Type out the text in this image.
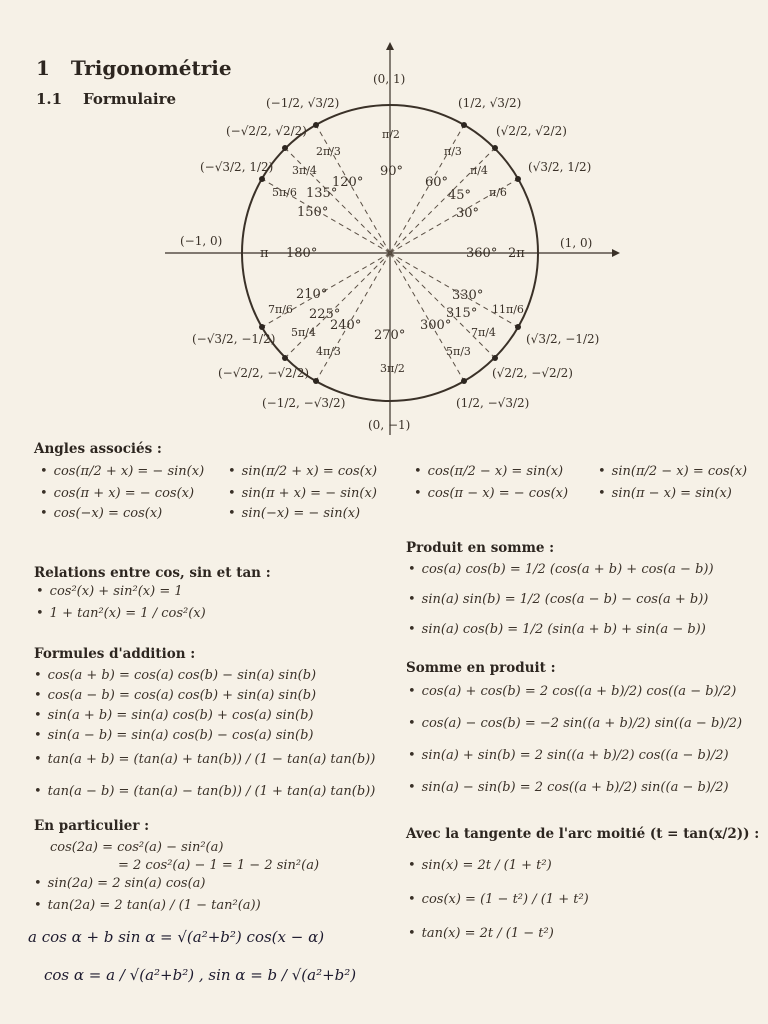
1 Trigonométrie
1.1 Formulaire
(0, 1)
(−1, 0)	(1, 0)
(0, −1)
90°
60°
45°
30°
120°
135°
150°
180°	360°
210°
225°
240°
270°
300°
315°
330°
π/2
π/3
π/4
π/6
2π/3
3π/4
5π/6
π	2π
7π/6
5π/4
4π/3
3π/2
5π/3
7π/4
11π/6
(−1/2, √3/2)	(1/2, √3/2)
(−√2/2, √2/2)	(√2/2, √2/2)
(−√3/2, 1/2)	(√3/2, 1/2)
(−√3/2, −1/2)	(√3/2, −1/2)
(−√2/2, −√2/2)	(√2/2, −√2/2)
(−1/2, −√3/2)	(1/2, −√3/2)
Angles associés :
• cos(π/2 + x) = − sin(x) • sin(π/2 + x) = cos(x)	• cos(π/2 − x) = sin(x)	• sin(π/2 − x) = cos(x)
• cos(π + x) = − cos(x)	• sin(π + x) = − sin(x)	• cos(π − x) = − cos(x) • sin(π − x) = sin(x)
• cos(−x) = cos(x)	• sin(−x) = − sin(x)
Relations entre cos, sin et tan :
• cos²(x) + sin²(x) = 1
• 1 + tan²(x) = 1 / cos²(x)
Formules d'addition :
• cos(a + b) = cos(a) cos(b) − sin(a) sin(b)
• cos(a − b) = cos(a) cos(b) + sin(a) sin(b)
• sin(a + b) = sin(a) cos(b) + cos(a) sin(b)
• sin(a − b) = sin(a) cos(b) − cos(a) sin(b)
• tan(a + b) = (tan(a) + tan(b)) / (1 − tan(a) tan(b))
• tan(a − b) = (tan(a) − tan(b)) / (1 + tan(a) tan(b))
En particulier :
cos(2a) = cos²(a) − sin²(a)
= 2 cos²(a) − 1 = 1 − 2 sin²(a)
• sin(2a) = 2 sin(a) cos(a)
• tan(2a) = 2 tan(a) / (1 − tan²(a))
a cos α + b sin α = √(a²+b²) cos(x − α)
cos α = a / √(a²+b²) , sin α = b / √(a²+b²)
Produit en somme :
• cos(a) cos(b) = 1/2 (cos(a + b) + cos(a − b))
• sin(a) sin(b) = 1/2 (cos(a − b) − cos(a + b))
• sin(a) cos(b) = 1/2 (sin(a + b) + sin(a − b))
Somme en produit :
• cos(a) + cos(b) = 2 cos((a + b)/2) cos((a − b)/2)
• cos(a) − cos(b) = −2 sin((a + b)/2) sin((a − b)/2)
• sin(a) + sin(b) = 2 sin((a + b)/2) cos((a − b)/2)
• sin(a) − sin(b) = 2 cos((a + b)/2) sin((a − b)/2)
Avec la tangente de l'arc moitié (t = tan(x/2)) :
• sin(x) = 2t / (1 + t²)
• cos(x) = (1 − t²) / (1 + t²)
• tan(x) = 2t / (1 − t²)
